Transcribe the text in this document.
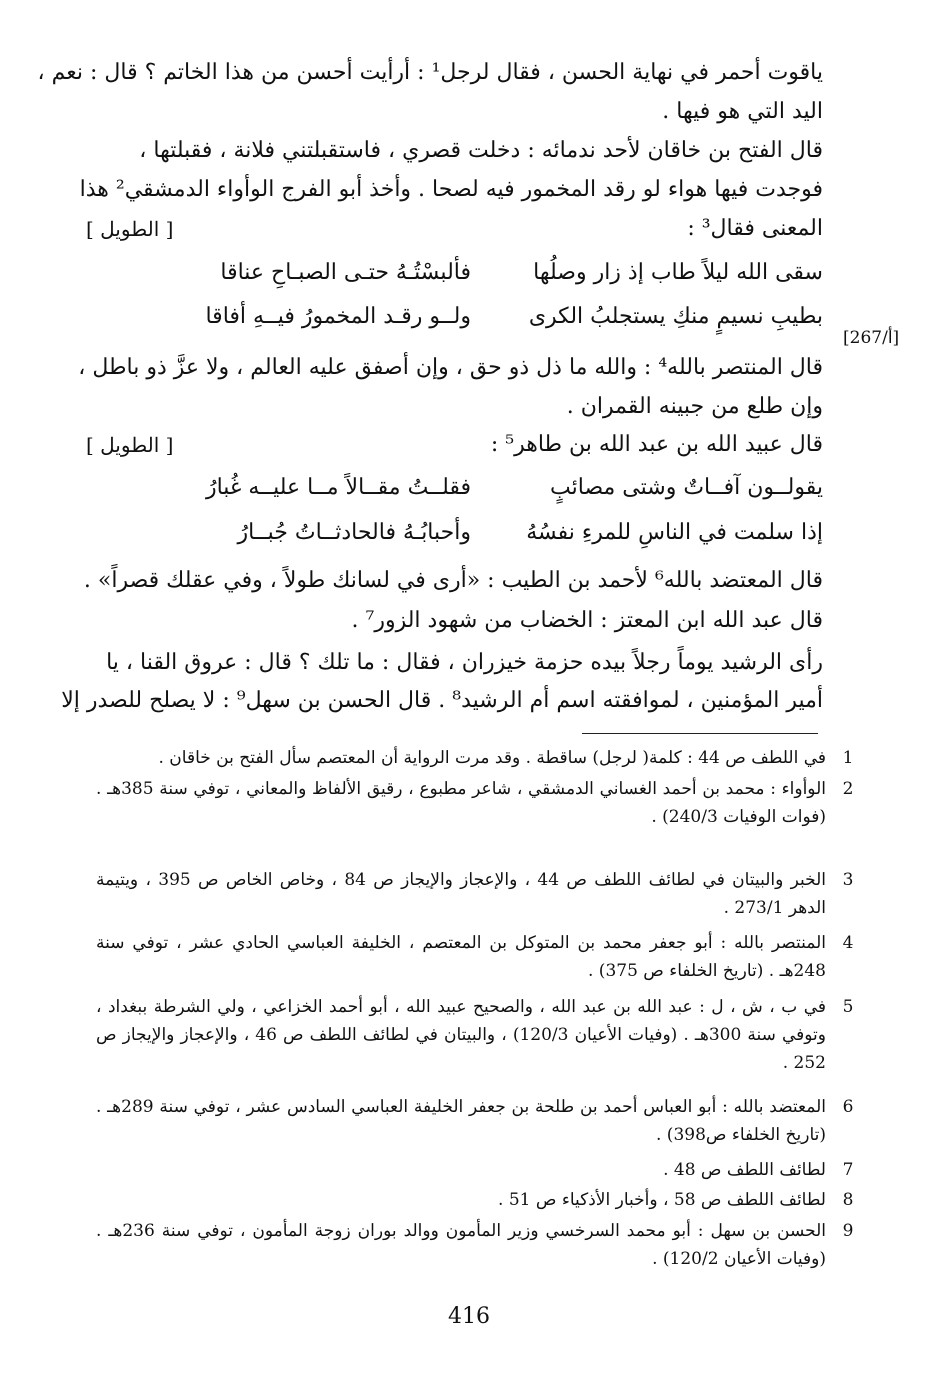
ياقوت أحمر في نهاية الحسن ، فقال لرجل¹ : أرأيت أحسن من هذا الخاتم ؟ قال : نعم ،
اليد التي هو فيها .
قال الفتح بن خاقان لأحد ندمائه : دخلت قصري ، فاستقبلتني فلانة ، فقبلتها ،
فوجدت فيها هواء لو رقد المخمور فيه لصحا . وأخذ أبو الفرج الوأواء الدمشقي² هذا
المعنى فقال³ :
[ الطويل ]
سقى الله ليلاً طاب إذ زار وصلُها
فألبسْتُـهُ حتـى الصبـاحِ عناقا
بطيبِ نسيمٍ منكِ يستجلبُ الكرى
ولــو رقـد المخمورُ فيــهِ أفاقا
[أ/267]
قال المنتصر بالله⁴ : والله ما ذل ذو حق ، وإن أصفق عليه العالم ، ولا عزَّ ذو باطل ،
وإن طلع من جبينه القمران .
قال عبيد الله بن عبد الله بن طاهر⁵ :
[ الطويل ]
يقولــون آفــاتٌ وشتى مصائبٍ
فقلــتُ مقــالاً مــا عليــه غُبارُ
إذا سلمت في الناسِ للمرءِ نفسُهُ
وأحبابُـهُ فالحادثــاتُ جُبــارُ
قال المعتضد بالله⁶ لأحمد بن الطيب : «أرى في لسانك طولاً ، وفي عقلك قصراً» .
قال عبد الله ابن المعتز : الخضاب من شهود الزور⁷ .
رأى الرشيد يوماً رجلاً بيده حزمة خيزران ، فقال : ما تلك ؟ قال : عروق القنا ، يا
أمير المؤمنين ، لموافقته اسم أم الرشيد⁸ . قال الحسن بن سهل⁹ : لا يصلح للصدر إلا
1
في اللطف ص 44 : كلمة( لرجل) ساقطة . وقد مرت الرواية أن المعتصم سأل الفتح بن خاقان .
2
الوأواء : محمد بن أحمد الغساني الدمشقي ، شاعر مطبوع ، رقيق الألفاظ والمعاني ، توفي سنة 385هـ . (فوات الوفيات 240/3) .
3
الخبر والبيتان في لطائف اللطف ص 44 ، والإعجاز والإيجاز ص 84 ، وخاص الخاص ص 395 ، ويتيمة الدهر 273/1 .
4
المنتصر بالله : أبو جعفر محمد بن المتوكل بن المعتصم ، الخليفة العباسي الحادي عشر ، توفي سنة 248هـ . (تاريخ الخلفاء ص 375) .
5
في ب ، ش ، ل : عبد الله بن عبد الله ، والصحيح عبيد الله ، أبو أحمد الخزاعي ، ولي الشرطة ببغداد ، وتوفي سنة 300هـ . (وفيات الأعيان 120/3) ، والبيتان في لطائف اللطف ص 46 ، والإعجاز والإيجاز ص 252 .
6
المعتضد بالله : أبو العباس أحمد بن طلحة بن جعفر الخليفة العباسي السادس عشر ، توفي سنة 289هـ . (تاريخ الخلفاء ص398) .
7
لطائف اللطف ص 48 .
8
لطائف اللطف ص 58 ، وأخبار الأذكياء ص 51 .
9
الحسن بن سهل : أبو محمد السرخسي وزير المأمون ووالد بوران زوجة المأمون ، توفي سنة 236هـ . (وفيات الأعيان 120/2) .
416
